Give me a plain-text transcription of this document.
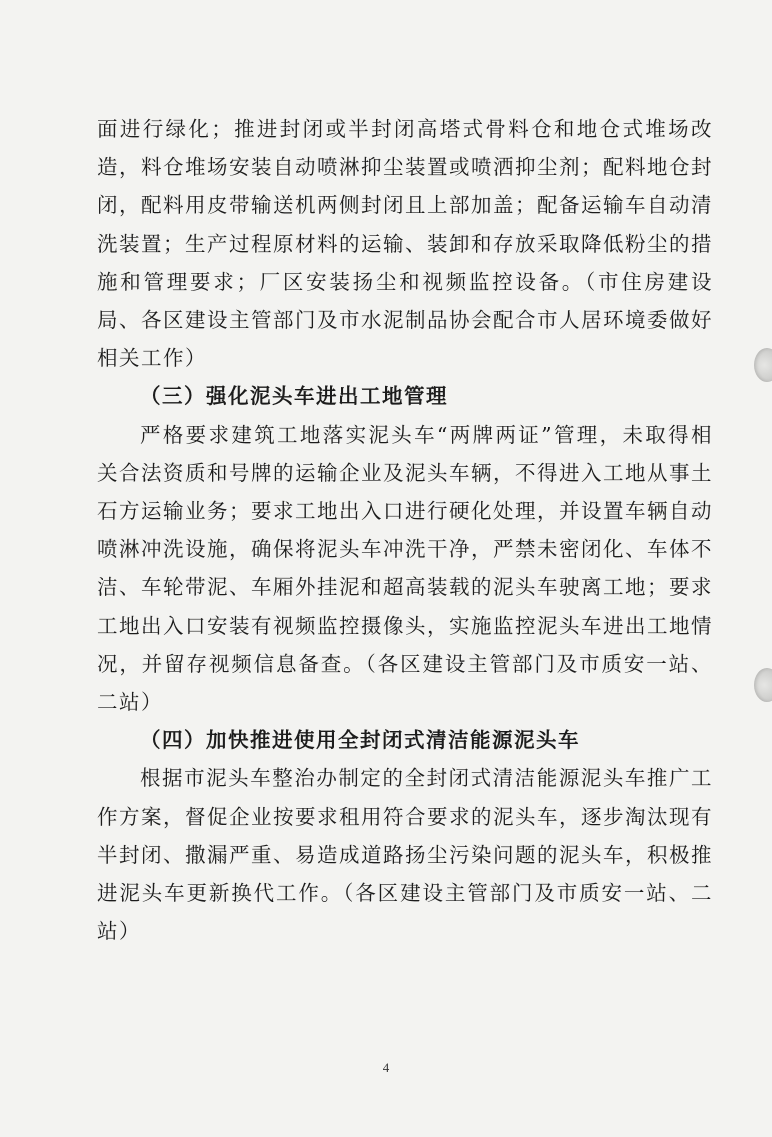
面进行绿化；推进封闭或半封闭高塔式骨料仓和地仓式堆场改造，料仓堆场安装自动喷淋抑尘装置或喷洒抑尘剂；配料地仓封闭，配料用皮带输送机两侧封闭且上部加盖；配备运输车自动清洗装置；生产过程原材料的运输、装卸和存放采取降低粉尘的措施和管理要求；厂区安装扬尘和视频监控设备。（市住房建设局、各区建设主管部门及市水泥制品协会配合市人居环境委做好相关工作）

（三）强化泥头车进出工地管理

严格要求建筑工地落实泥头车“两牌两证”管理，未取得相关合法资质和号牌的运输企业及泥头车辆，不得进入工地从事土石方运输业务；要求工地出入口进行硬化处理，并设置车辆自动喷淋冲洗设施，确保将泥头车冲洗干净，严禁未密闭化、车体不洁、车轮带泥、车厢外挂泥和超高装载的泥头车驶离工地；要求工地出入口安装有视频监控摄像头，实施监控泥头车进出工地情况，并留存视频信息备查。（各区建设主管部门及市质安一站、二站）

（四）加快推进使用全封闭式清洁能源泥头车

根据市泥头车整治办制定的全封闭式清洁能源泥头车推广工作方案，督促企业按要求租用符合要求的泥头车，逐步淘汰现有半封闭、撒漏严重、易造成道路扬尘污染问题的泥头车，积极推进泥头车更新换代工作。（各区建设主管部门及市质安一站、二站）

4
